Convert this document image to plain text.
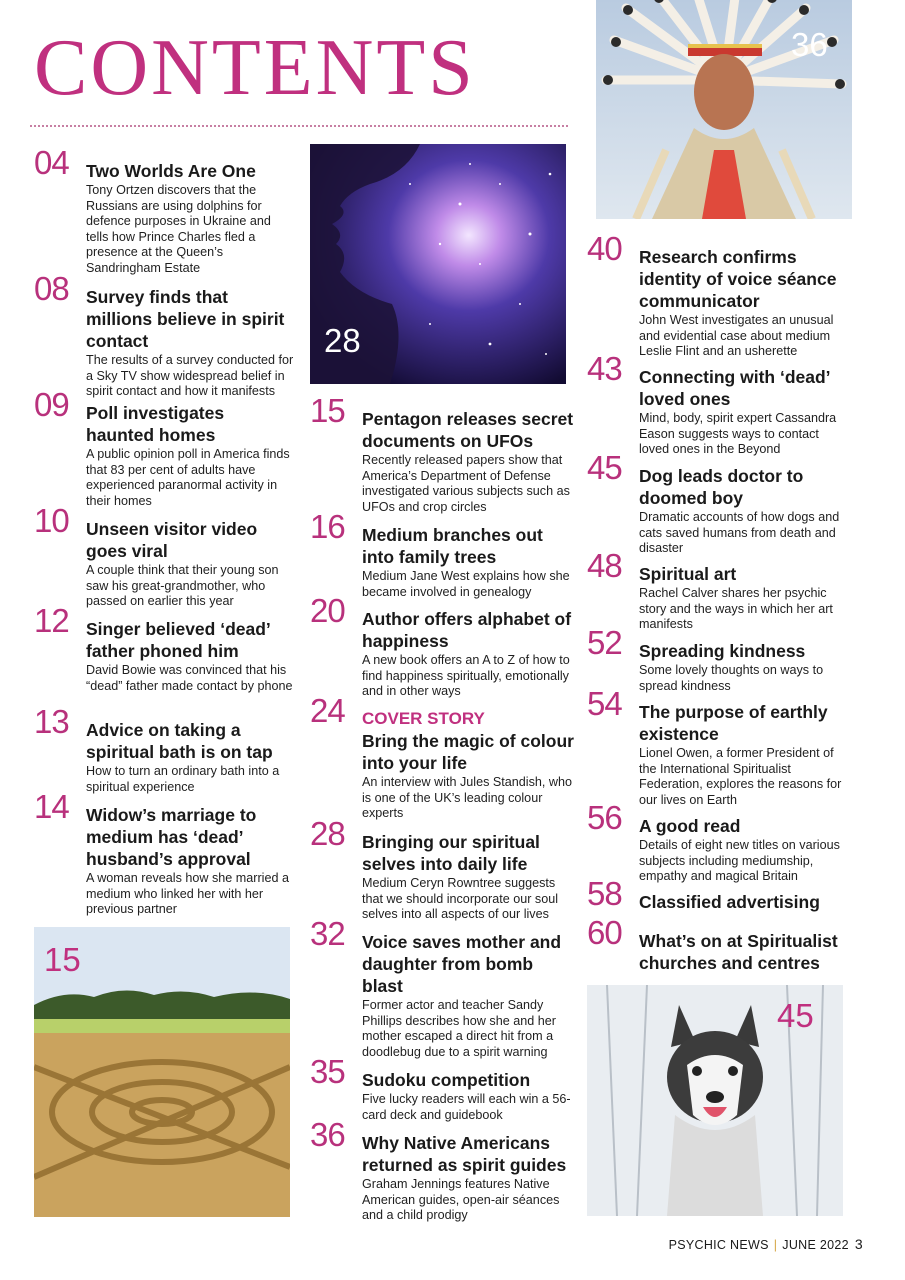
CONTENTS	36
28
15
45
04 Two Worlds Are One
Tony Ortzen discovers that the Russians are using dolphins for defence purposes in Ukraine and tells how Prince Charles fled a presence at the Queen’s Sandringham Estate
08 Survey finds that millions believe in spirit contact
The results of a survey conducted for a Sky TV show widespread belief in spirit contact and how it manifests
09 Poll investigates haunted homes
A public opinion poll in America finds that 83 per cent of adults have experienced paranormal activity in their homes
10 Unseen visitor video goes viral
A couple think that their young son saw his great-grandmother, who passed on earlier this year
12 Singer believed ‘dead’ father phoned him
David Bowie was convinced that his “dead” father made contact by phone
13 Advice on taking a spiritual bath is on tap
How to turn an ordinary bath into a spiritual experience
14 Widow’s marriage to medium has ‘dead’ husband’s approval
A woman reveals how she married a medium who linked her with her previous partner
15 Pentagon releases secret documents on UFOs
Recently released papers show that America’s Department of Defense investigated various subjects such as UFOs and crop circles
16 Medium branches out into family trees
Medium Jane West explains how she became involved in genealogy
20 Author offers alphabet of happiness
A new book offers an A to Z of how to find happiness spiritually, emotionally and in other ways
24 COVER STORY
Bring the magic of colour into your life
An interview with Jules Standish, who is one of the UK’s leading colour experts
28 Bringing our spiritual selves into daily life
Medium Ceryn Rowntree suggests that we should incorporate our soul selves into all aspects of our lives
32 Voice saves mother and daughter from bomb blast
Former actor and teacher Sandy Phillips describes how she and her mother escaped a direct hit from a doodlebug due to a spirit warning
35 Sudoku competition
Five lucky readers will each win a 56-card deck and guidebook
36 Why Native Americans returned as spirit guides
Graham Jennings features Native American guides, open-air séances and a child prodigy
40 Research confirms identity of voice séance communicator
John West investigates an unusual and evidential case about medium Leslie Flint and an usherette
43 Connecting with ‘dead’ loved ones
Mind, body, spirit expert Cassandra Eason suggests ways to contact loved ones in the Beyond
45 Dog leads doctor to doomed boy
Dramatic accounts of how dogs and cats saved humans from death and disaster
48 Spiritual art
Rachel Calver shares her psychic story and the ways in which her art manifests
52 Spreading kindness
Some lovely thoughts on ways to spread kindness
54 The purpose of earthly existence
Lionel Owen, a former President of the International Spiritualist Federation, explores the reasons for our lives on Earth
56 A good read
Details of eight new titles on various subjects including mediumship, empathy and magical Britain
58 Classified advertising
60 What’s on at Spiritualist churches and centres
PSYCHIC NEWS | JUNE 2022 3
